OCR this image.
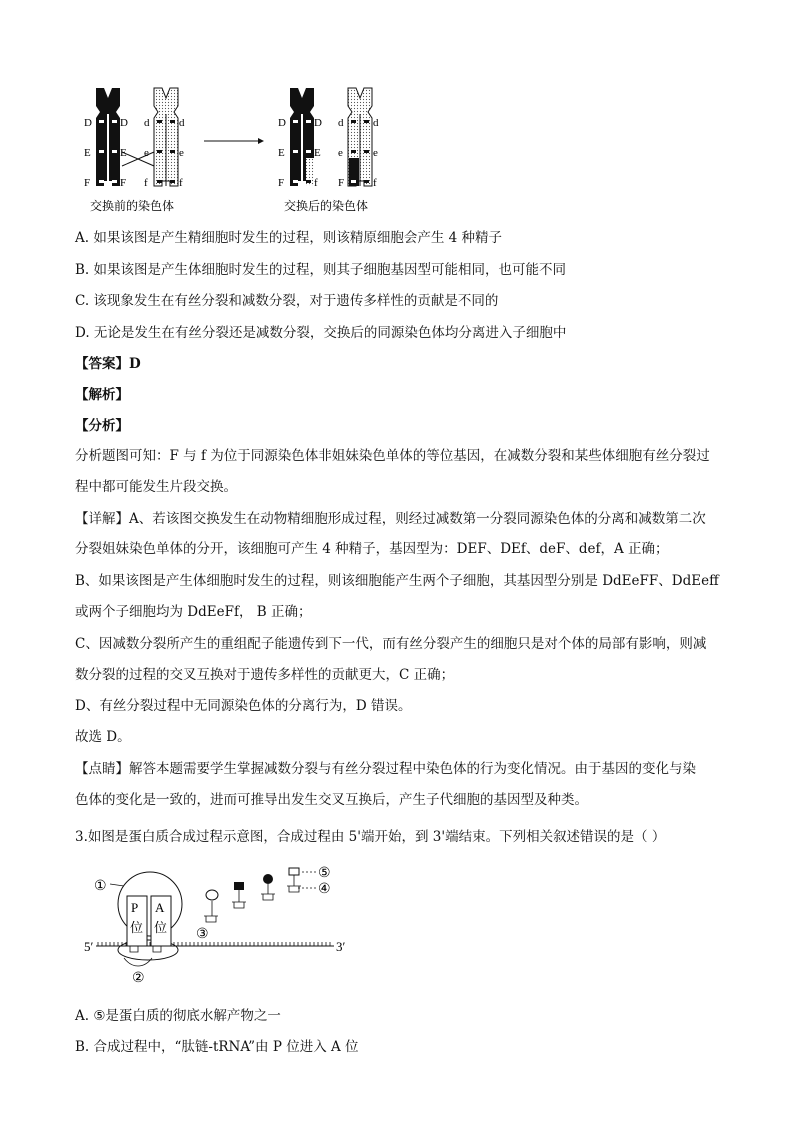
D	D
E	E
F	F
d	d
e	e
f	f
D	D
E	E
F	f
d	d
e	e
F	f
交换前的染色体	交换后的染色体
A. 如果该图是产生精细胞时发生的过程，则该精原细胞会产生 4 种精子
B. 如果该图是产生体细胞时发生的过程，则其子细胞基因型可能相同，也可能不同
C. 该现象发生在有丝分裂和减数分裂，对于遗传多样性的贡献是不同的
D. 无论是发生在有丝分裂还是减数分裂，交换后的同源染色体均分离进入子细胞中
【答案】D
【解析】
【分析】
分析题图可知：F 与 f 为位于同源染色体非姐妹染色单体的等位基因，在减数分裂和某些体细胞有丝分裂过
程中都可能发生片段交换。
【详解】A、若该图交换发生在动物精细胞形成过程，则经过减数第一分裂同源染色体的分离和减数第二次
分裂姐妹染色单体的分开，该细胞可产生 4 种精子，基因型为：DEF、DEf、deF、def，A 正确；
B、如果该图是产生体细胞时发生的过程，则该细胞能产生两个子细胞，其基因型分别是 DdEeFF、DdEeff
或两个子细胞均为 DdEeFf， B 正确；
C、因减数分裂所产生的重组配子能遗传到下一代，而有丝分裂产生的细胞只是对个体的局部有影响，则减
数分裂的过程的交叉互换对于遗传多样性的贡献更大，C 正确；
D、有丝分裂过程中无同源染色体的分离行为，D 错误。
故选 D。
【点睛】解答本题需要学生掌握减数分裂与有丝分裂过程中染色体的行为变化情况。由于基因的变化与染
色体的变化是一致的，进而可推导出发生交叉互换后，产生子代细胞的基因型及种类。
3.如图是蛋白质合成过程示意图，合成过程由 5'端开始，到 3'端结束。下列相关叙述错误的是（ ）
P A
位 位
①
②
③
⑤
④
5′	3′
A. ⑤是蛋白质的彻底水解产物之一
B. 合成过程中，“肽链-tRNA”由 P 位进入 A 位
